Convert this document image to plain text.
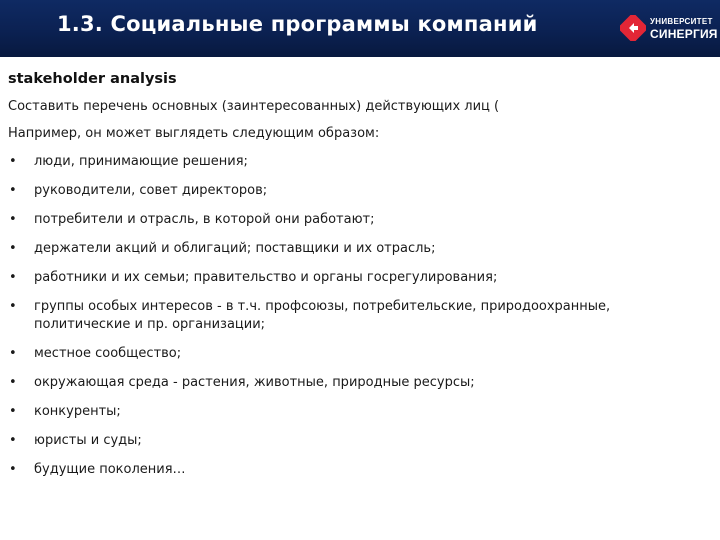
1.3. Социальные программы компаний	УНИВЕРСИТЕТ
СИНЕРГИЯ

stakeholder analysis

Составить перечень основных (заинтересованных) действующих лиц (

Например, он может выглядеть следующим образом:

• люди, принимающие решения;
• руководители, совет директоров;
• потребители и отрасль, в которой они работают;
• держатели акций и облигаций; поставщики и их отрасль;
• работники и их семьи; правительство и органы госрегулирования;
• группы особых интересов - в т.ч. профсоюзы, потребительские, природоохранные, политические и пр. организации;
• местное сообщество;
• окружающая среда - растения, животные, природные ресурсы;
• конкуренты;
• юристы и суды;
• будущие поколения…
